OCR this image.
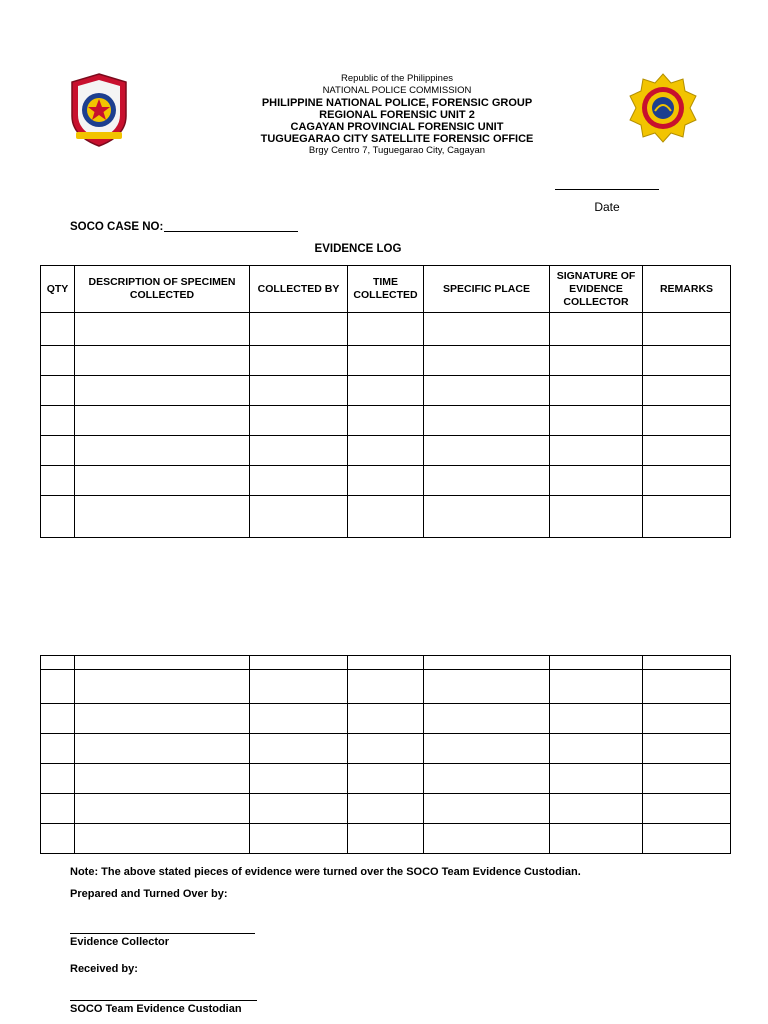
Republic of the Philippines
NATIONAL POLICE COMMISSION
PHILIPPINE NATIONAL POLICE, FORENSIC GROUP
REGIONAL FORENSIC UNIT 2
CAGAYAN PROVINCIAL FORENSIC UNIT
TUGUEGARAO CITY SATELLITE FORENSIC OFFICE
Brgy Centro 7, Tuguegarao City, Cagayan
Date
SOCO CASE NO:
EVIDENCE LOG
QTY	DESCRIPTION OF SPECIMEN COLLECTED	COLLECTED BY	TIME COLLECTED	SPECIFIC PLACE	SIGNATURE OF EVIDENCE COLLECTOR	REMARKS

Note: The above stated pieces of evidence were turned over the SOCO Team Evidence Custodian.
Prepared and Turned Over by:
Evidence Collector
Received by:
SOCO Team Evidence Custodian
